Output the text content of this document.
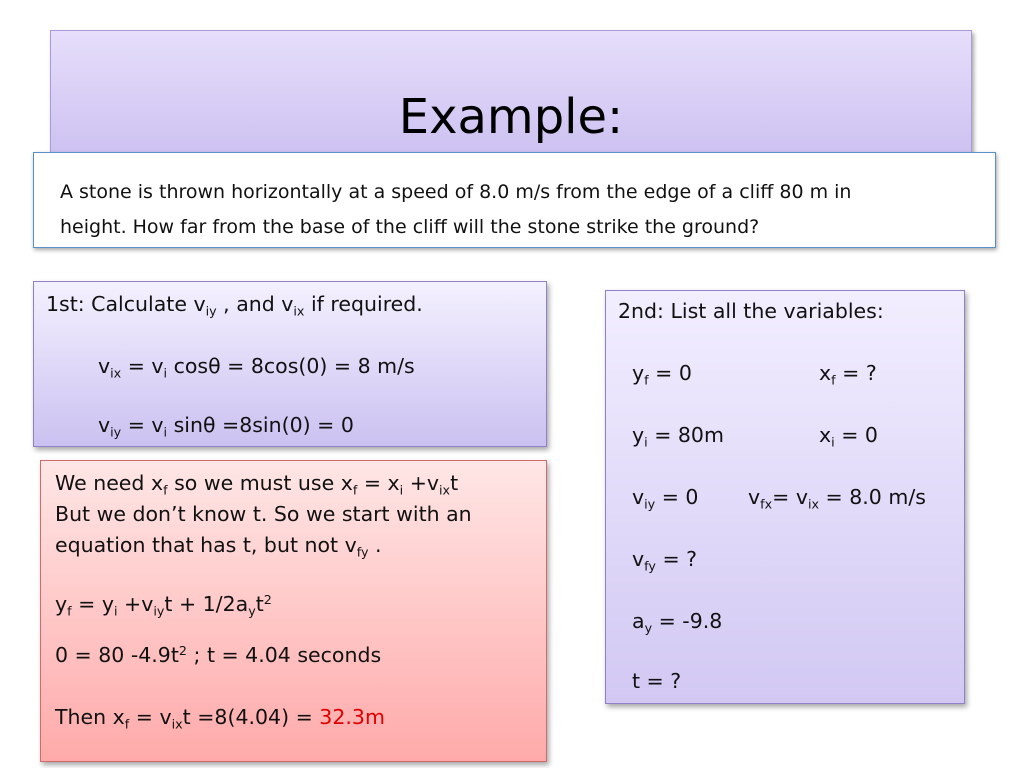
Example:
A stone is thrown horizontally at a speed of 8.0 m/s from the edge of a cliff 80 m in
height. How far from the base of the cliff will the stone strike the ground?
1st: Calculate $v_{iy}$ , and $v_{ix}$ if required.
$v_{ix} = v_i$ cosθ = 8cos(0) = 8 m/s
$v_{iy} = v_i$ sinθ =8sin(0) = 0
2nd: List all the variables:
$y_f = 0$	$x_f$ = ?
$y_i = 80m$	$x_i = 0$
$v_{iy} = 0$ $v_{fx}= v_{ix} = 8.0$ m/s
$v_{fy}$ = ?
$a_y = -9.8$
t = ?
We need $x_f$ so we must use $x_f = x_i +v_{ix}t$
But we don’t know t. So we start with an
equation that has t, but not $v_{fy}$ .
$y_f = y_i +v_{iy}t + 1/2a_yt^2$
0 = 80 $-4.9t^2$ ; t = 4.04 seconds
Then $x_f = v_{ix}t =8(4.04) = 32.3m$
